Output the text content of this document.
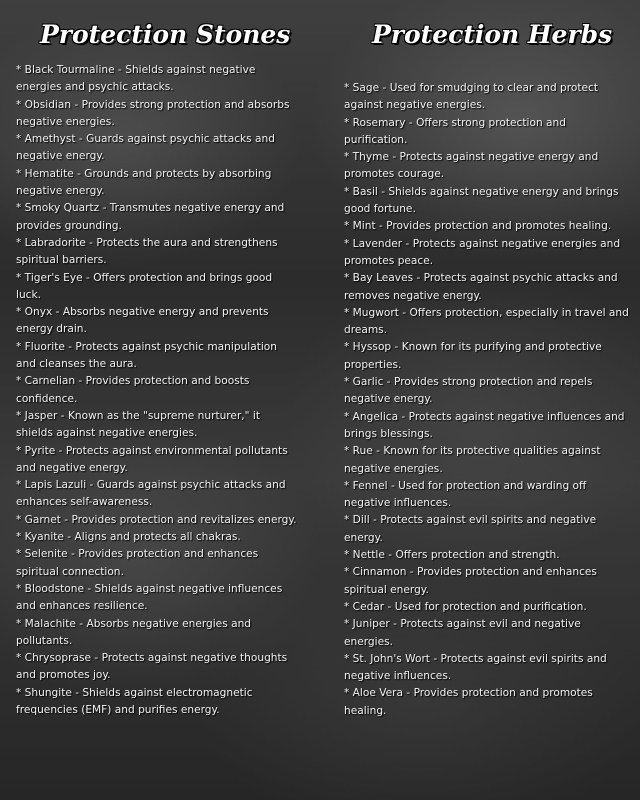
Protection Stones	Protection Herbs
* Black Tourmaline - Shields against negative energies and psychic attacks.
* Obsidian - Provides strong protection and absorbs negative energies.
* Amethyst - Guards against psychic attacks and negative energy.
* Hematite - Grounds and protects by absorbing negative energy.
* Smoky Quartz - Transmutes negative energy and provides grounding.
* Labradorite - Protects the aura and strengthens spiritual barriers.
* Tiger's Eye - Offers protection and brings good luck.
* Onyx - Absorbs negative energy and prevents energy drain.
* Fluorite - Protects against psychic manipulation and cleanses the aura.
* Carnelian - Provides protection and boosts confidence.
* Jasper - Known as the "supreme nurturer," it shields against negative energies.
* Pyrite - Protects against environmental pollutants and negative energy.
* Lapis Lazuli - Guards against psychic attacks and enhances self-awareness.
* Garnet - Provides protection and revitalizes energy.
* Kyanite - Aligns and protects all chakras.
* Selenite - Provides protection and enhances spiritual connection.
* Bloodstone - Shields against negative influences and enhances resilience.
* Malachite - Absorbs negative energies and pollutants.
* Chrysoprase - Protects against negative thoughts and promotes joy.
* Shungite - Shields against electromagnetic frequencies (EMF) and purifies energy.
* Sage - Used for smudging to clear and protect against negative energies.
* Rosemary - Offers strong protection and purification.
* Thyme - Protects against negative energy and promotes courage.
* Basil - Shields against negative energy and brings good fortune.
* Mint - Provides protection and promotes healing.
* Lavender - Protects against negative energies and promotes peace.
* Bay Leaves - Protects against psychic attacks and removes negative energy.
* Mugwort - Offers protection, especially in travel and dreams.
* Hyssop - Known for its purifying and protective properties.
* Garlic - Provides strong protection and repels negative energy.
* Angelica - Protects against negative influences and brings blessings.
* Rue - Known for its protective qualities against negative energies.
* Fennel - Used for protection and warding off negative influences.
* Dill - Protects against evil spirits and negative energy.
* Nettle - Offers protection and strength.
* Cinnamon - Provides protection and enhances spiritual energy.
* Cedar - Used for protection and purification.
* Juniper - Protects against evil and negative energies.
* St. John's Wort - Protects against evil spirits and negative influences.
* Aloe Vera - Provides protection and promotes healing.
